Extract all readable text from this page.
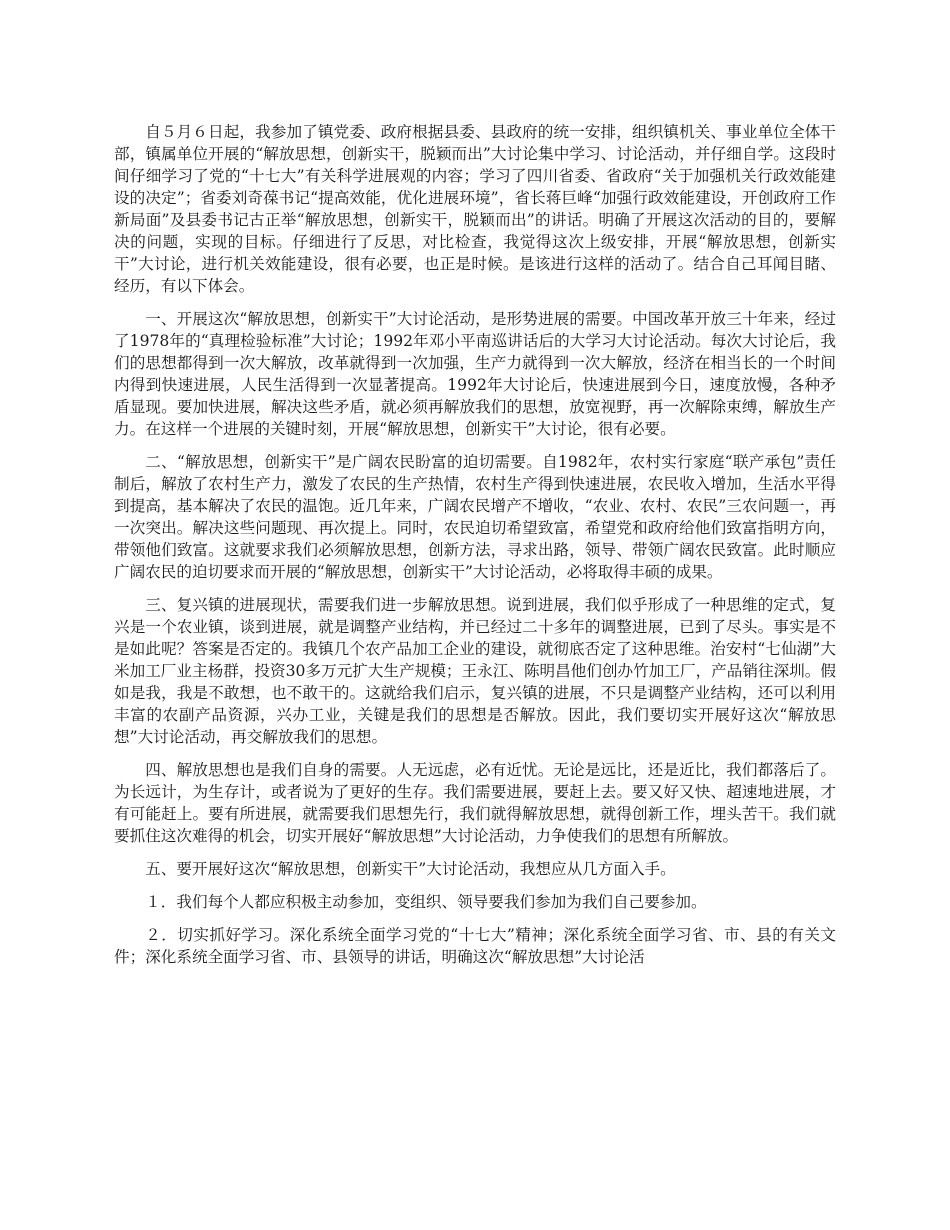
自５月６日起，我参加了镇党委、政府根据县委、县政府的统一安排，组织镇机关、事业单位全体干部，镇属单位开展的“解放思想，创新实干，脱颖而出”大讨论集中学习、讨论活动，并仔细自学。这段时间仔细学习了党的“十七大”有关科学进展观的内容；学习了四川省委、省政府“关于加强机关行政效能建设的决定”；省委刘奇葆书记“提高效能，优化进展环境”，省长蒋巨峰“加强行政效能建设，开创政府工作新局面”及县委书记古正举“解放思想，创新实干，脱颖而出”的讲话。明确了开展这次活动的目的，要解决的问题，实现的目标。仔细进行了反思，对比检查，我觉得这次上级安排，开展“解放思想，创新实干”大讨论，进行机关效能建设，很有必要，也正是时候。是该进行这样的活动了。结合自己耳闻目睹、经历，有以下体会。

一、开展这次“解放思想，创新实干”大讨论活动，是形势进展的需要。中国改革开放三十年来，经过了1978年的“真理检验标准”大讨论；1992年邓小平南巡讲话后的大学习大讨论活动。每次大讨论后，我们的思想都得到一次大解放，改革就得到一次加强，生产力就得到一次大解放，经济在相当长的一个时间内得到快速进展，人民生活得到一次显著提高。1992年大讨论后，快速进展到今日，速度放慢，各种矛盾显现。要加快进展，解决这些矛盾，就必须再解放我们的思想，放宽视野，再一次解除束缚，解放生产力。在这样一个进展的关键时刻，开展“解放思想，创新实干”大讨论，很有必要。

二、“解放思想，创新实干”是广阔农民盼富的迫切需要。自1982年，农村实行家庭“联产承包”责任制后，解放了农村生产力，激发了农民的生产热情，农村生产得到快速进展，农民收入增加，生活水平得到提高，基本解决了农民的温饱。近几年来，广阔农民增产不增收，“农业、农村、农民”三农问题一，再一次突出。解决这些问题现、再次提上。同时，农民迫切希望致富，希望党和政府给他们致富指明方向，带领他们致富。这就要求我们必须解放思想，创新方法，寻求出路，领导、带领广阔农民致富。此时顺应广阔农民的迫切要求而开展的“解放思想，创新实干”大讨论活动，必将取得丰硕的成果。

三、复兴镇的进展现状，需要我们进一步解放思想。说到进展，我们似乎形成了一种思维的定式，复兴是一个农业镇，谈到进展，就是调整产业结构，并已经过二十多年的调整进展，已到了尽头。事实是不是如此呢？答案是否定的。我镇几个农产品加工企业的建设，就彻底否定了这种思维。治安村“七仙湖”大米加工厂业主杨群，投资30多万元扩大生产规模；王永江、陈明昌他们创办竹加工厂，产品销往深圳。假如是我，我是不敢想，也不敢干的。这就给我们启示，复兴镇的进展，不只是调整产业结构，还可以利用丰富的农副产品资源，兴办工业，关键是我们的思想是否解放。因此，我们要切实开展好这次“解放思想”大讨论活动，再交解放我们的思想。

四、解放思想也是我们自身的需要。人无远虑，必有近忧。无论是远比，还是近比，我们都落后了。为长远计，为生存计，或者说为了更好的生存。我们需要进展，要赶上去。要又好又快、超速地进展，才有可能赶上。要有所进展，就需要我们思想先行，我们就得解放思想，就得创新工作，埋头苦干。我们就要抓住这次难得的机会，切实开展好“解放思想”大讨论活动，力争使我们的思想有所解放。

五、要开展好这次“解放思想，创新实干”大讨论活动，我想应从几方面入手。

１．我们每个人都应积极主动参加，变组织、领导要我们参加为我们自己要参加。

２．切实抓好学习。深化系统全面学习党的“十七大”精神；深化系统全面学习省、市、县的有关文件；深化系统全面学习省、市、县领导的讲话，明确这次“解放思想”大讨论活
